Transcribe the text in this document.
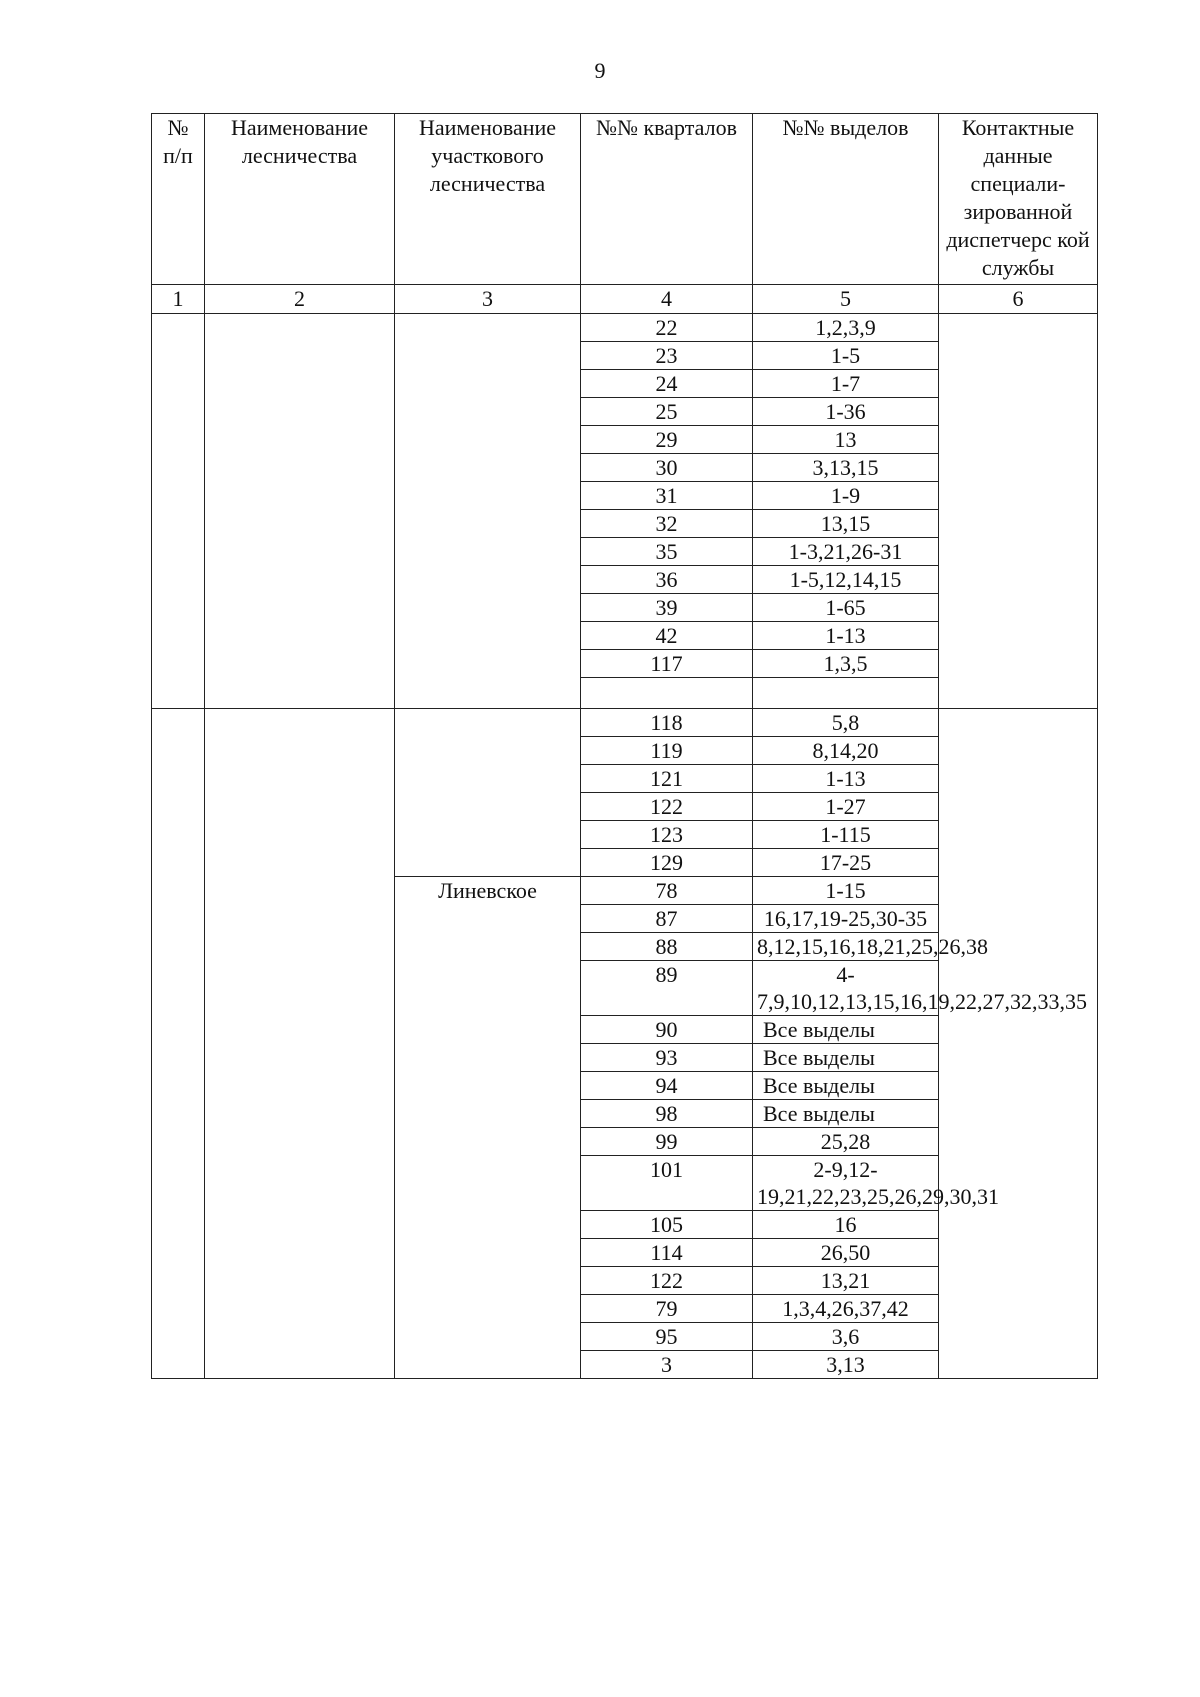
9
№ п/п	Наименование лесничества	Наименование участкового лесничества	№№ кварталов	№№ выделов	Контактные данные специали-зированной диспетчерс кой службы
1	2	3	4	5	6
			22	1,2,3,9	
			23	1-5	
			24	1-7	
			25	1-36	
			29	13	
			30	3,13,15	
			31	1-9	
			32	13,15	
			35	1-3,21,26-31	
			36	1-5,12,14,15	
			39	1-65	
			42	1-13	
			117	1,3,5	

			118	5,8	
			119	8,14,20	
			121	1-13	
			122	1-27	
			123	1-115	
			129	17-25	
		Линевское	78	1-15	
			87	16,17,19-25,30-35	
			88	8,12,15,16,18,21,25,26,38	
			89	4-7,9,10,12,13,15,16,19,22,27,32,33,35	
			90	Все выделы	
			93	Все выделы	
			94	Все выделы	
			98	Все выделы	
			99	25,28	
			101	2-9,12-19,21,22,23,25,26,29,30,31	
			105	16	
			114	26,50	
			122	13,21	
			79	1,3,4,26,37,42	
			95	3,6	
			3	3,13	
